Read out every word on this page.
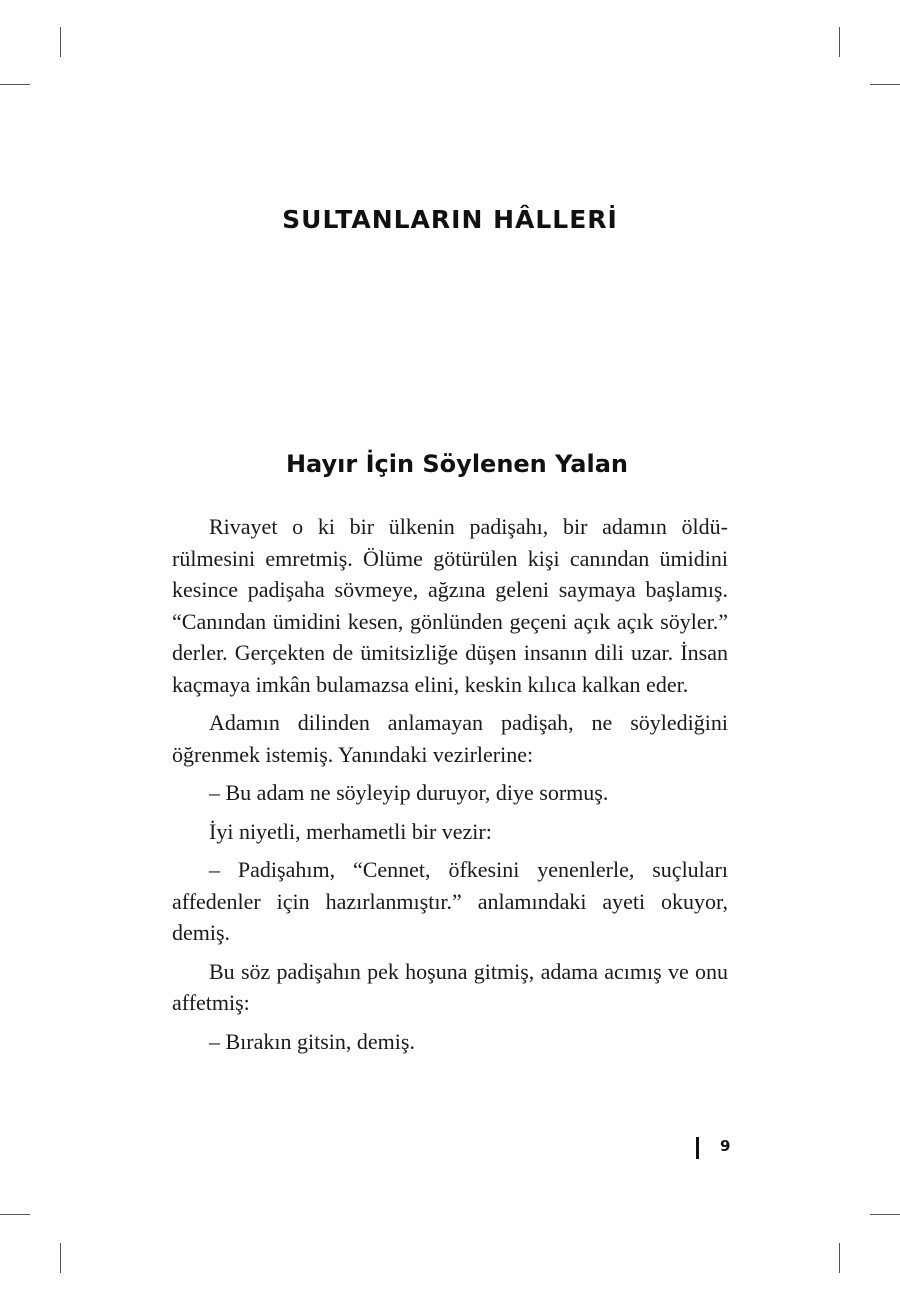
SULTANLARIN HÂLLERİ
Hayır İçin Söylenen Yalan

Rivayet o ki bir ülkenin padişahı, bir adamın öldürülmesini emretmiş. Ölüme götürülen kişi canından ümidini kesince padişaha sövmeye, ağzına geleni saymaya başlamış. “Canından ümidini kesen, gönlünden geçeni açık açık söyler.” derler. Gerçekten de ümitsizliğe düşen insanın dili uzar. İnsan kaçmaya imkân bulamazsa elini, keskin kılıca kalkan eder.

Adamın dilinden anlamayan padişah, ne söylediğini öğrenmek istemiş. Yanındaki vezirlerine:

– Bu adam ne söyleyip duruyor, diye sormuş.

İyi niyetli, merhametli bir vezir:

– Padişahım, “Cennet, öfkesini yenenlerle, suçluları affedenler için hazırlanmıştır.” anlamındaki ayeti okuyor, demiş.

Bu söz padişahın pek hoşuna gitmiş, adama acımış ve onu affetmiş:

– Bırakın gitsin, demiş.

9
